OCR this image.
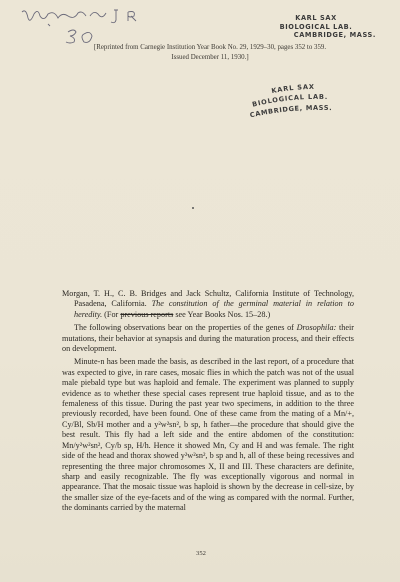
KARL SAX
BIOLOGICAL LAB.
CAMBRIDGE, MASS.
[Reprinted from Carnegie Institution Year Book No. 29, 1929–30, pages 352 to 359.
Issued December 11, 1930.]
KARL SAX
BIOLOGICAL LAB.
CAMBRIDGE, MASS.

Morgan, T. H., C. B. Bridges and Jack Schultz, California Institute of Technology, Pasadena, California. The constitution of the germinal material in relation to heredity. (For previous reports see Year Books Nos. 15–28.)

The following observations bear on the properties of the genes of Drosophila: their mutations, their behavior at synapsis and during the maturation process, and their effects on development.

Minute-n has been made the basis, as described in the last report, of a procedure that was expected to give, in rare cases, mosaic flies in which the patch was not of the usual male piebald type but was haploid and female. The experiment was planned to supply evidence as to whether these special cases represent true haploid tissue, and as to the femaleness of this tissue. During the past year two specimens, in addition to the three previously recorded, have been found. One of these came from the mating of a Mn/+, Cy/Bl, Sb/H mother and a y²w²sn², b sp, h father—the procedure that should give the best result. This fly had a left side and the entire abdomen of the constitution: Mn/y²w²sn², Cy/b sp, H/h. Hence it showed Mn, Cy and H and was female. The right side of the head and thorax showed y²w²sn², b sp and h, all of these being recessives and representing the three major chromosomes X, II and III. These characters are definite, sharp and easily recognizable. The fly was exceptionally vigorous and normal in appearance. That the mosaic tissue was haploid is shown by the decrease in cell-size, by the smaller size of the eye-facets and of the wing as compared with the normal. Further, the dominants carried by the maternal

352
